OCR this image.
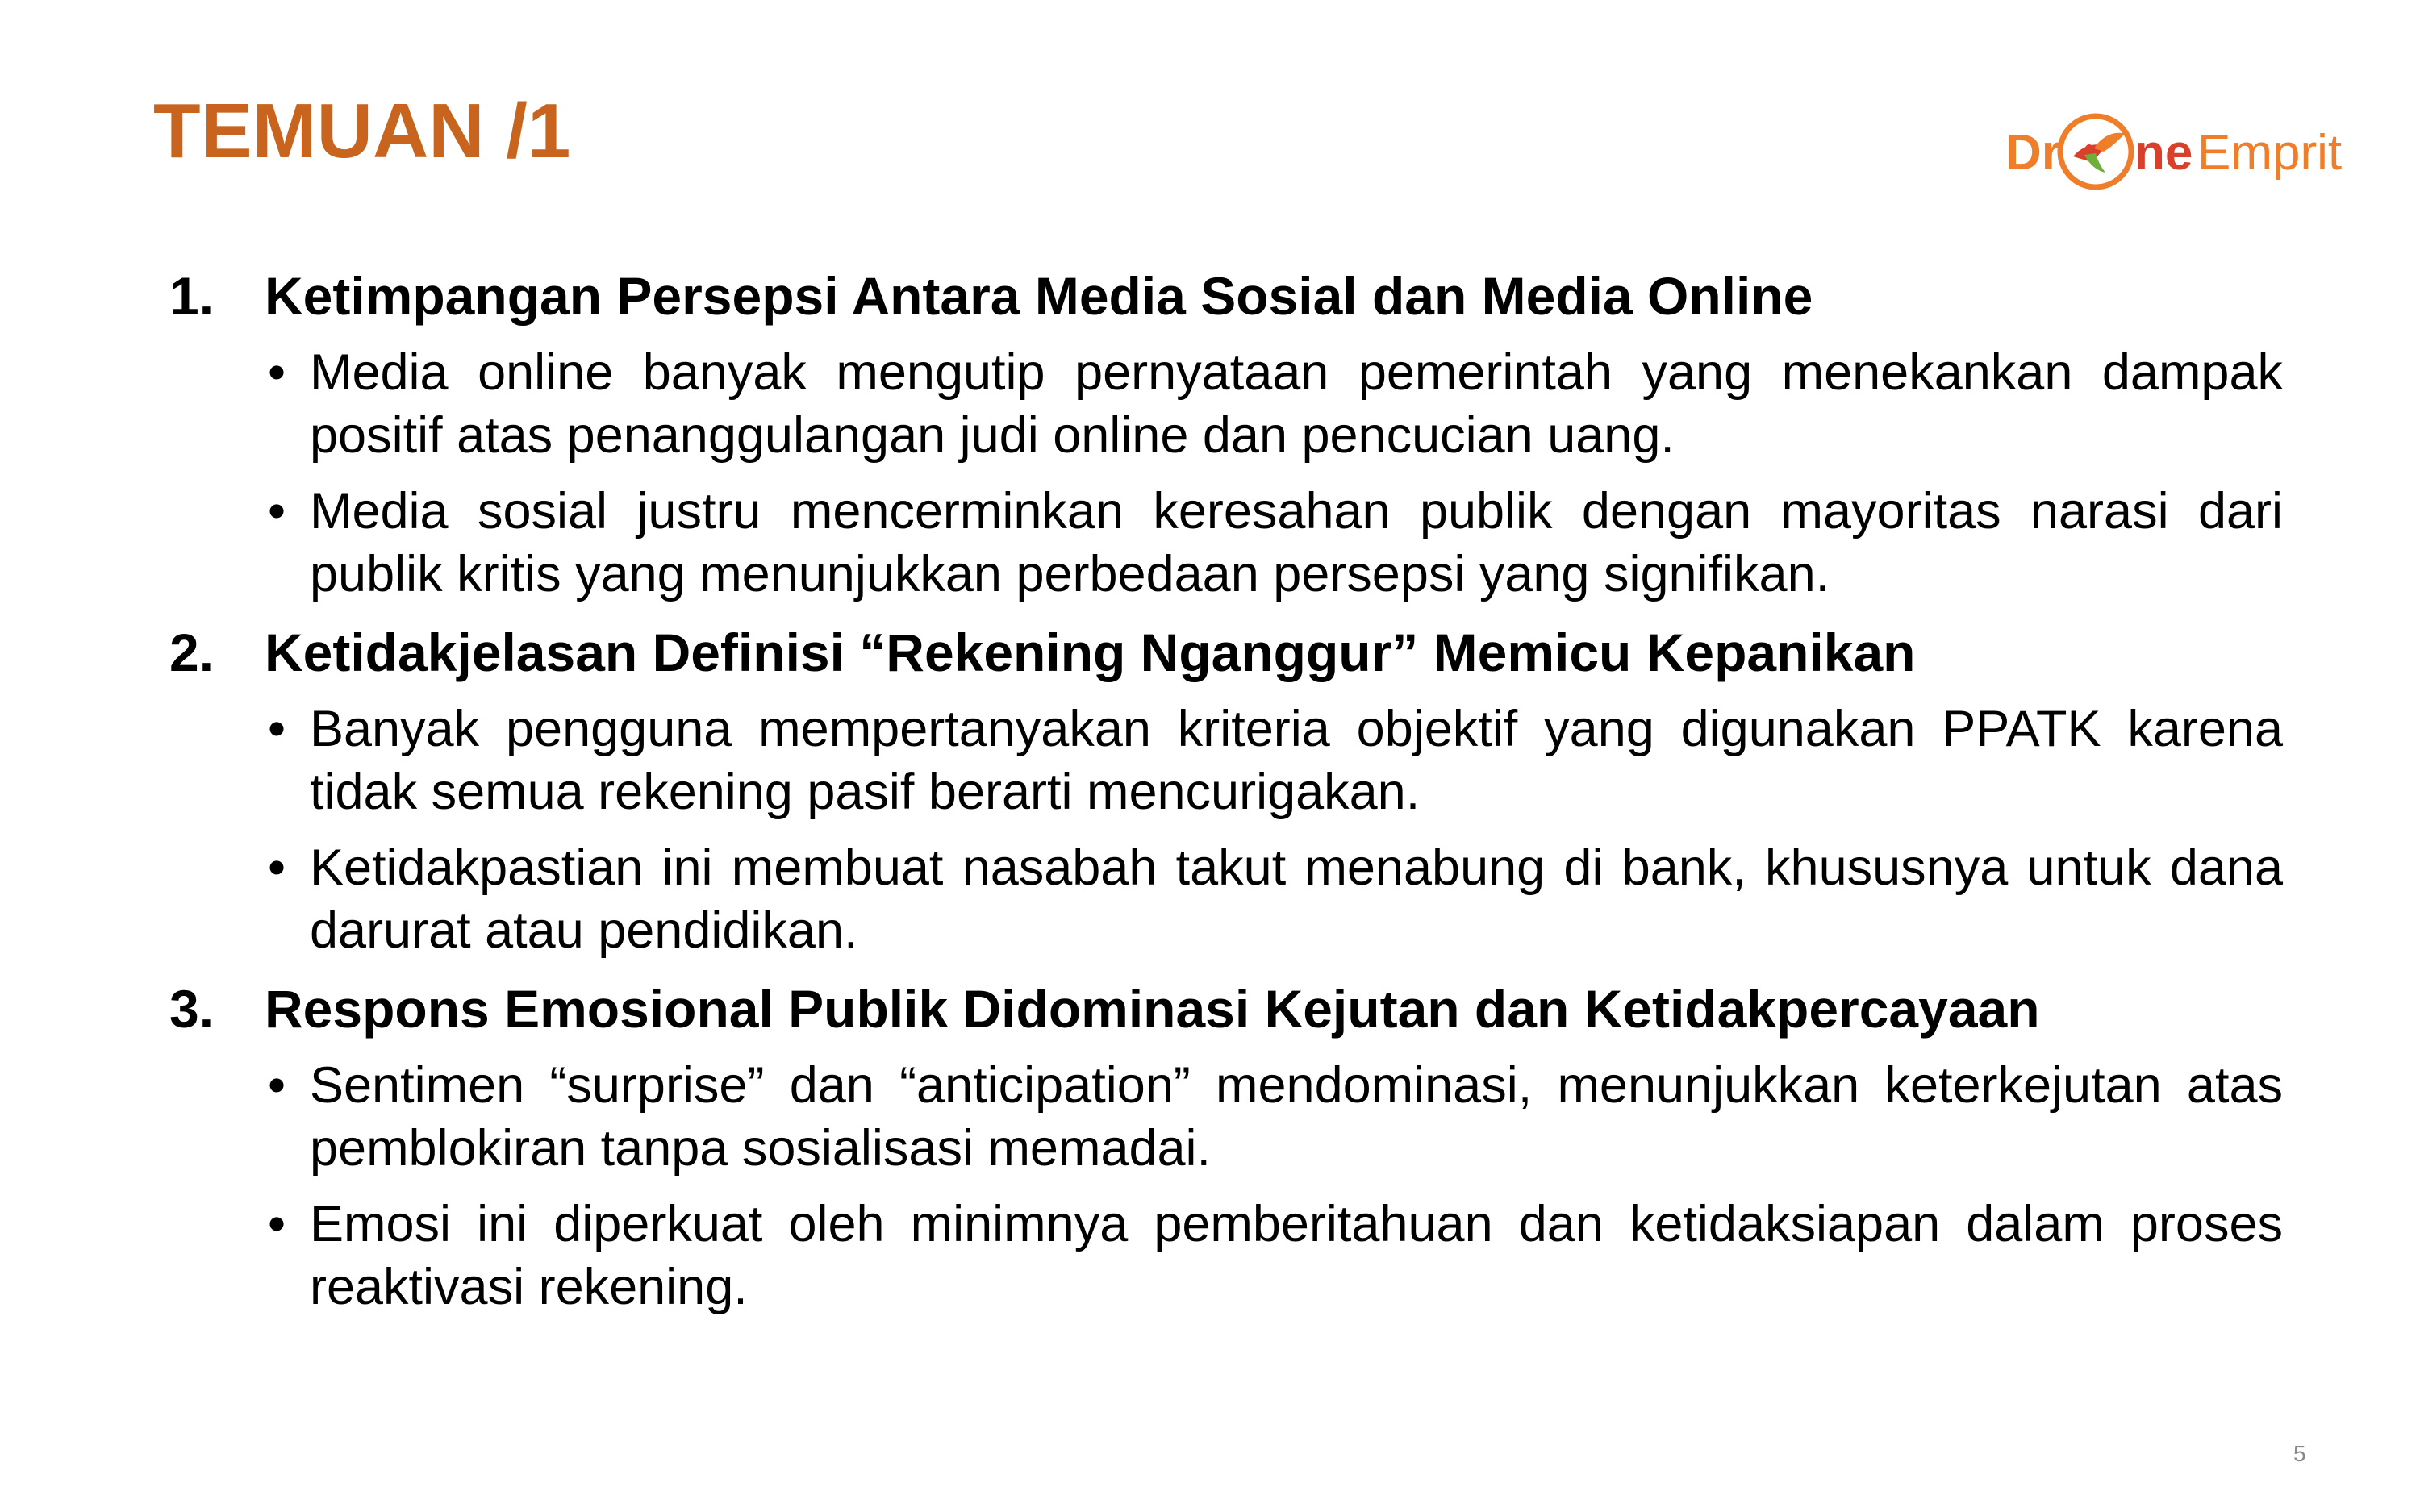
TEMUAN /1	Dr ne Emprit
1. Ketimpangan Persepsi Antara Media Sosial dan Media Online
• Media online banyak mengutip pernyataan pemerintah yang menekankan dampak positif atas penanggulangan judi online dan pencucian uang.
• Media sosial justru mencerminkan keresahan publik dengan mayoritas narasi dari publik kritis yang menunjukkan perbedaan persepsi yang signifikan.
2. Ketidakjelasan Definisi “Rekening Nganggur” Memicu Kepanikan
• Banyak pengguna mempertanyakan kriteria objektif yang digunakan PPATK karena tidak semua rekening pasif berarti mencurigakan.
• Ketidakpastian ini membuat nasabah takut menabung di bank, khususnya untuk dana darurat atau pendidikan.
3. Respons Emosional Publik Didominasi Kejutan dan Ketidakpercayaan
• Sentimen “surprise” dan “anticipation” mendominasi, menunjukkan keterkejutan atas pemblokiran tanpa sosialisasi memadai.
• Emosi ini diperkuat oleh minimnya pemberitahuan dan ketidaksiapan dalam proses reaktivasi rekening.
5
